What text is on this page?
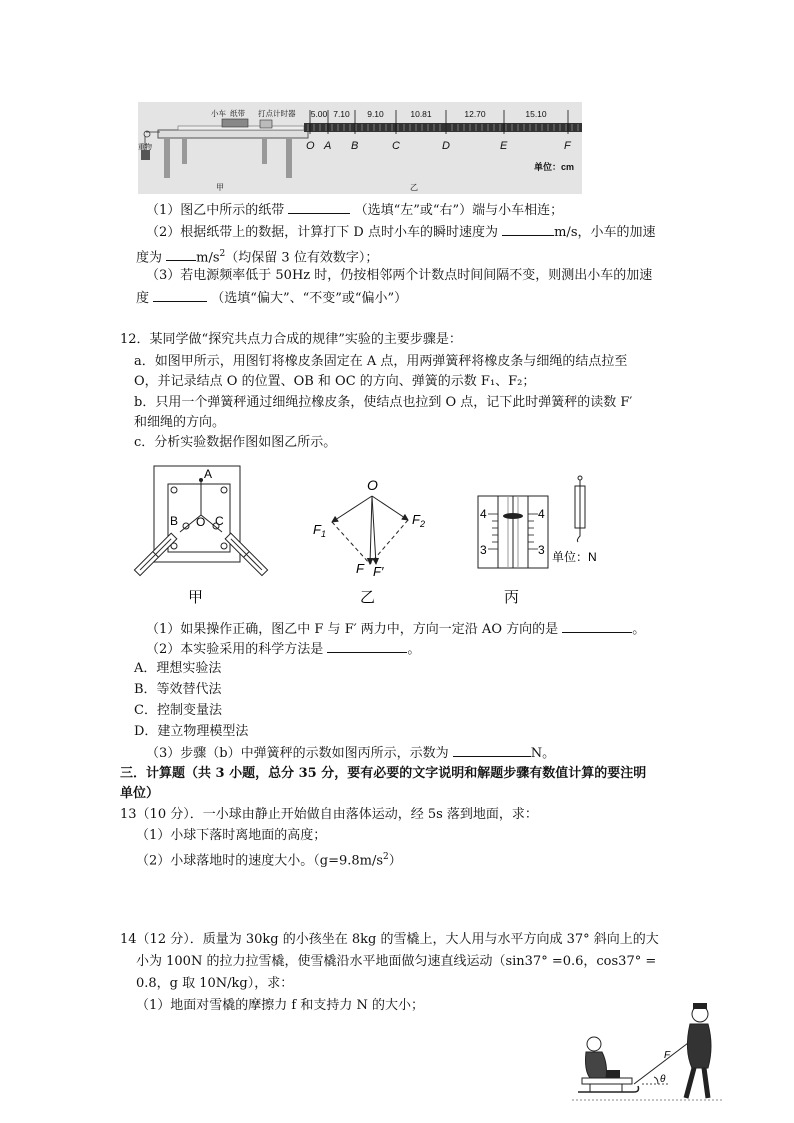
小车 纸带 打点计时器
重物
甲	乙
5.00 7.10 9.10	10.81	12.70	15.10
O A B	C	D	E	F
单位：cm
（1）图乙中所示的纸带	（选填“左”或“右”）端与小车相连；
（2）根据纸带上的数据，计算打下 D 点时小车的瞬时速度为	m/s，小车的加速
度为	$m/s^2$（均保留 3 位有效数字）；
（3）若电源频率低于 50Hz 时，仍按相邻两个计数点时间间隔不变，则测出小车的加速
度	（选填“偏大”、“不变”或“偏小”）
12．某同学做“探究共点力合成的规律”实验的主要步骤是：
a．如图甲所示，用图钉将橡皮条固定在 A 点，用两弹簧秤将橡皮条与细绳的结点拉至
O，并记录结点 O 的位置、OB 和 OC 的方向、弹簧的示数 F₁、F₂；
b．只用一个弹簧秤通过细绳拉橡皮条，使结点也拉到 O 点，记下此时弹簧秤的读数 F′
和细绳的方向。
c．分析实验数据作图如图乙所示。
A
B O C
甲
O
$F_1$
$F_2$
F F′
乙
4	4
3	3 单位：N
丙
（1）如果操作正确，图乙中 F 与 F′ 两力中，方向一定沿 AO 方向的是	。
（2）本实验采用的科学方法是	。
A．理想实验法
B．等效替代法
C．控制变量法
D．建立物理模型法
（3）步骤（b）中弹簧秤的示数如图丙所示，示数为	N。
三．计算题（共 3 小题，总分 35 分，要有必要的文字说明和解题步骤有数值计算的要注明
单位）
13（10 分）．一小球由静止开始做自由落体运动，经 5s 落到地面，求：
（1）小球下落时离地面的高度；
（2）小球落地时的速度大小。$(g=9.8m/s^2)$
14（12 分）．质量为 30kg 的小孩坐在 8kg 的雪橇上，大人用与水平方向成 37° 斜向上的大
小为 100N 的拉力拉雪橇，使雪橇沿水平地面做匀速直线运动（sin37° =0.6，cos37° =
0.8，g 取 10N/kg），求：
（1）地面对雪橇的摩擦力 f 和支持力 N 的大小；
θ
F
